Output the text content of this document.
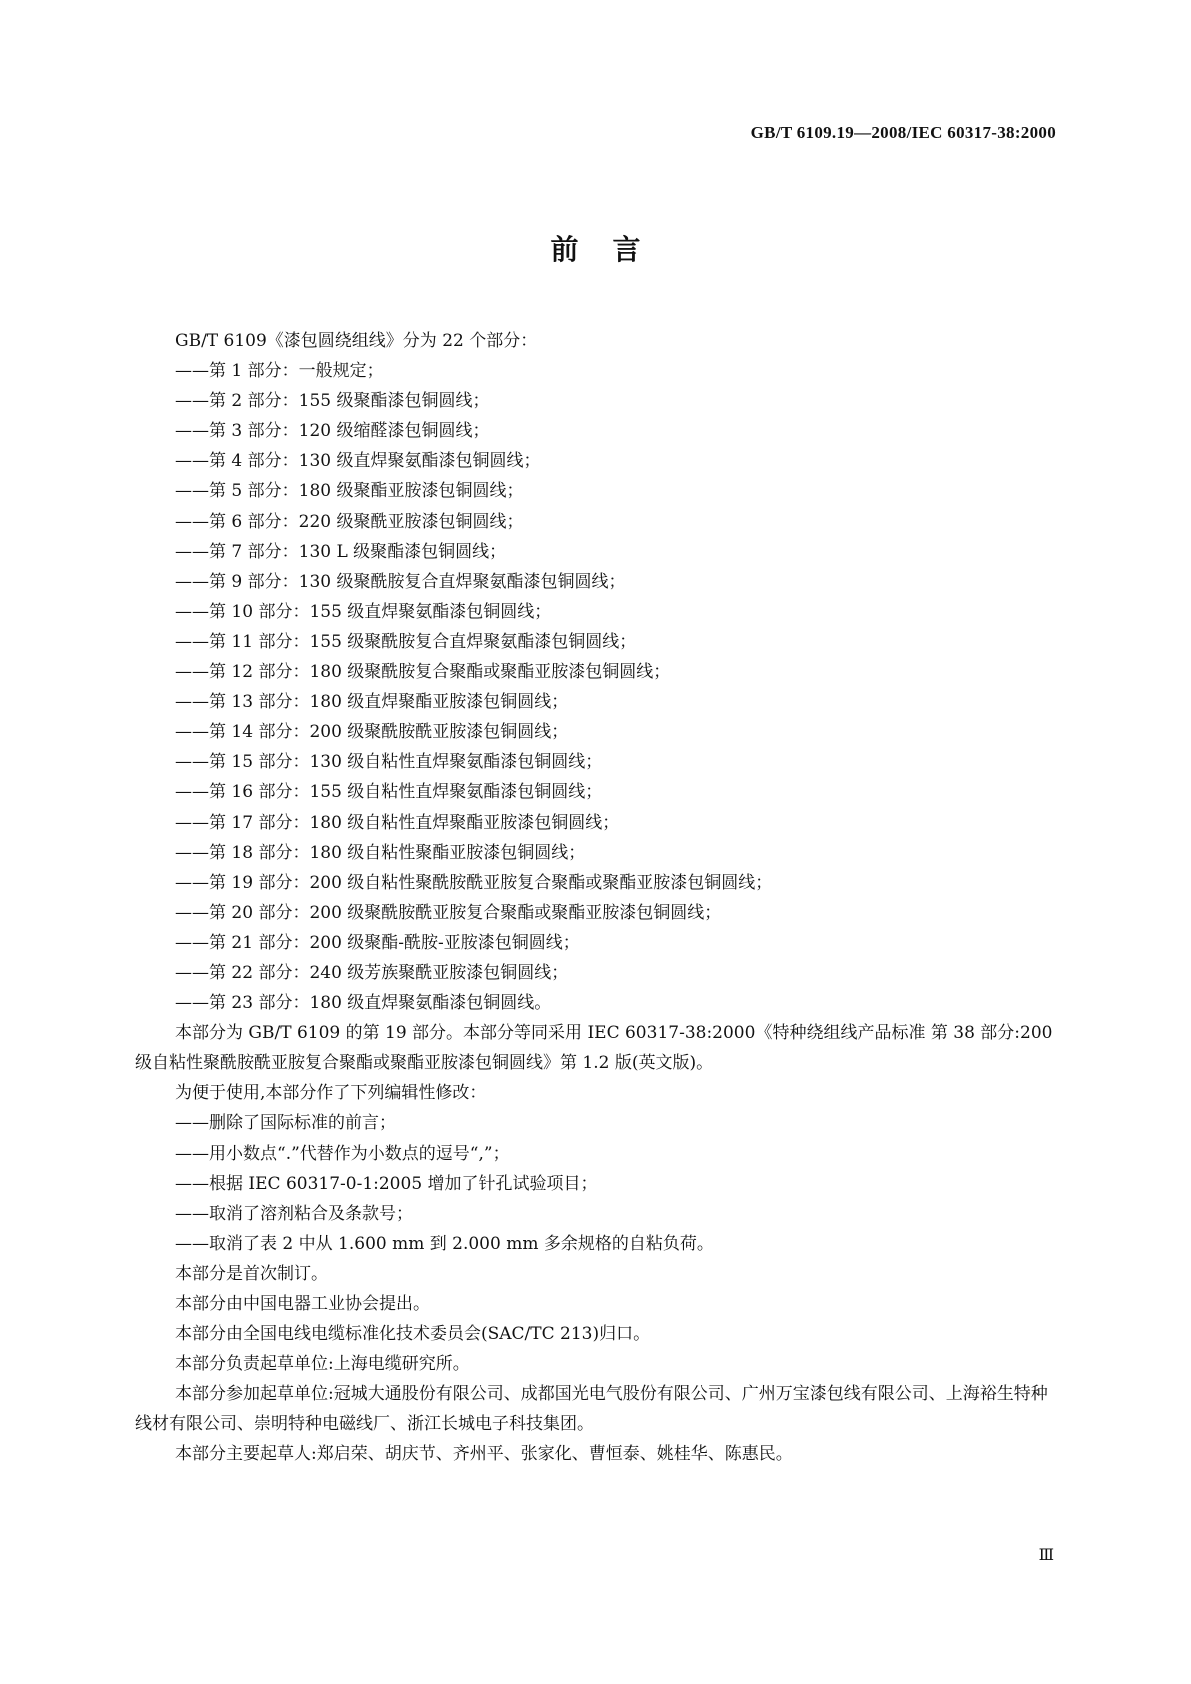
GB/T 6109.19—2008/IEC 60317-38:2000
前言
GB/T 6109《漆包圆绕组线》分为 22 个部分：
——第 1 部分：一般规定；
——第 2 部分：155 级聚酯漆包铜圆线；
——第 3 部分：120 级缩醛漆包铜圆线；
——第 4 部分：130 级直焊聚氨酯漆包铜圆线；
——第 5 部分：180 级聚酯亚胺漆包铜圆线；
——第 6 部分：220 级聚酰亚胺漆包铜圆线；
——第 7 部分：130 L 级聚酯漆包铜圆线；
——第 9 部分：130 级聚酰胺复合直焊聚氨酯漆包铜圆线；
——第 10 部分：155 级直焊聚氨酯漆包铜圆线；
——第 11 部分：155 级聚酰胺复合直焊聚氨酯漆包铜圆线；
——第 12 部分：180 级聚酰胺复合聚酯或聚酯亚胺漆包铜圆线；
——第 13 部分：180 级直焊聚酯亚胺漆包铜圆线；
——第 14 部分：200 级聚酰胺酰亚胺漆包铜圆线；
——第 15 部分：130 级自粘性直焊聚氨酯漆包铜圆线；
——第 16 部分：155 级自粘性直焊聚氨酯漆包铜圆线；
——第 17 部分：180 级自粘性直焊聚酯亚胺漆包铜圆线；
——第 18 部分：180 级自粘性聚酯亚胺漆包铜圆线；
——第 19 部分：200 级自粘性聚酰胺酰亚胺复合聚酯或聚酯亚胺漆包铜圆线；
——第 20 部分：200 级聚酰胺酰亚胺复合聚酯或聚酯亚胺漆包铜圆线；
——第 21 部分：200 级聚酯-酰胺-亚胺漆包铜圆线；
——第 22 部分：240 级芳族聚酰亚胺漆包铜圆线；
——第 23 部分：180 级直焊聚氨酯漆包铜圆线。
本部分为 GB/T 6109 的第 19 部分。本部分等同采用 IEC 60317-38:2000《特种绕组线产品标准 第 38 部分:200 级自粘性聚酰胺酰亚胺复合聚酯或聚酯亚胺漆包铜圆线》第 1.2 版(英文版)。
为便于使用,本部分作了下列编辑性修改：
——删除了国际标准的前言；
——用小数点“.”代替作为小数点的逗号“,”；
——根据 IEC 60317-0-1:2005 增加了针孔试验项目；
——取消了溶剂粘合及条款号；
——取消了表 2 中从 1.600 mm 到 2.000 mm 多余规格的自粘负荷。
本部分是首次制订。
本部分由中国电器工业协会提出。
本部分由全国电线电缆标准化技术委员会(SAC/TC 213)归口。
本部分负责起草单位:上海电缆研究所。
本部分参加起草单位:冠城大通股份有限公司、成都国光电气股份有限公司、广州万宝漆包线有限公司、上海裕生特种线材有限公司、崇明特种电磁线厂、浙江长城电子科技集团。
本部分主要起草人:郑启荣、胡庆节、齐州平、张家化、曹恒泰、姚桂华、陈惠民。
Ⅲ
